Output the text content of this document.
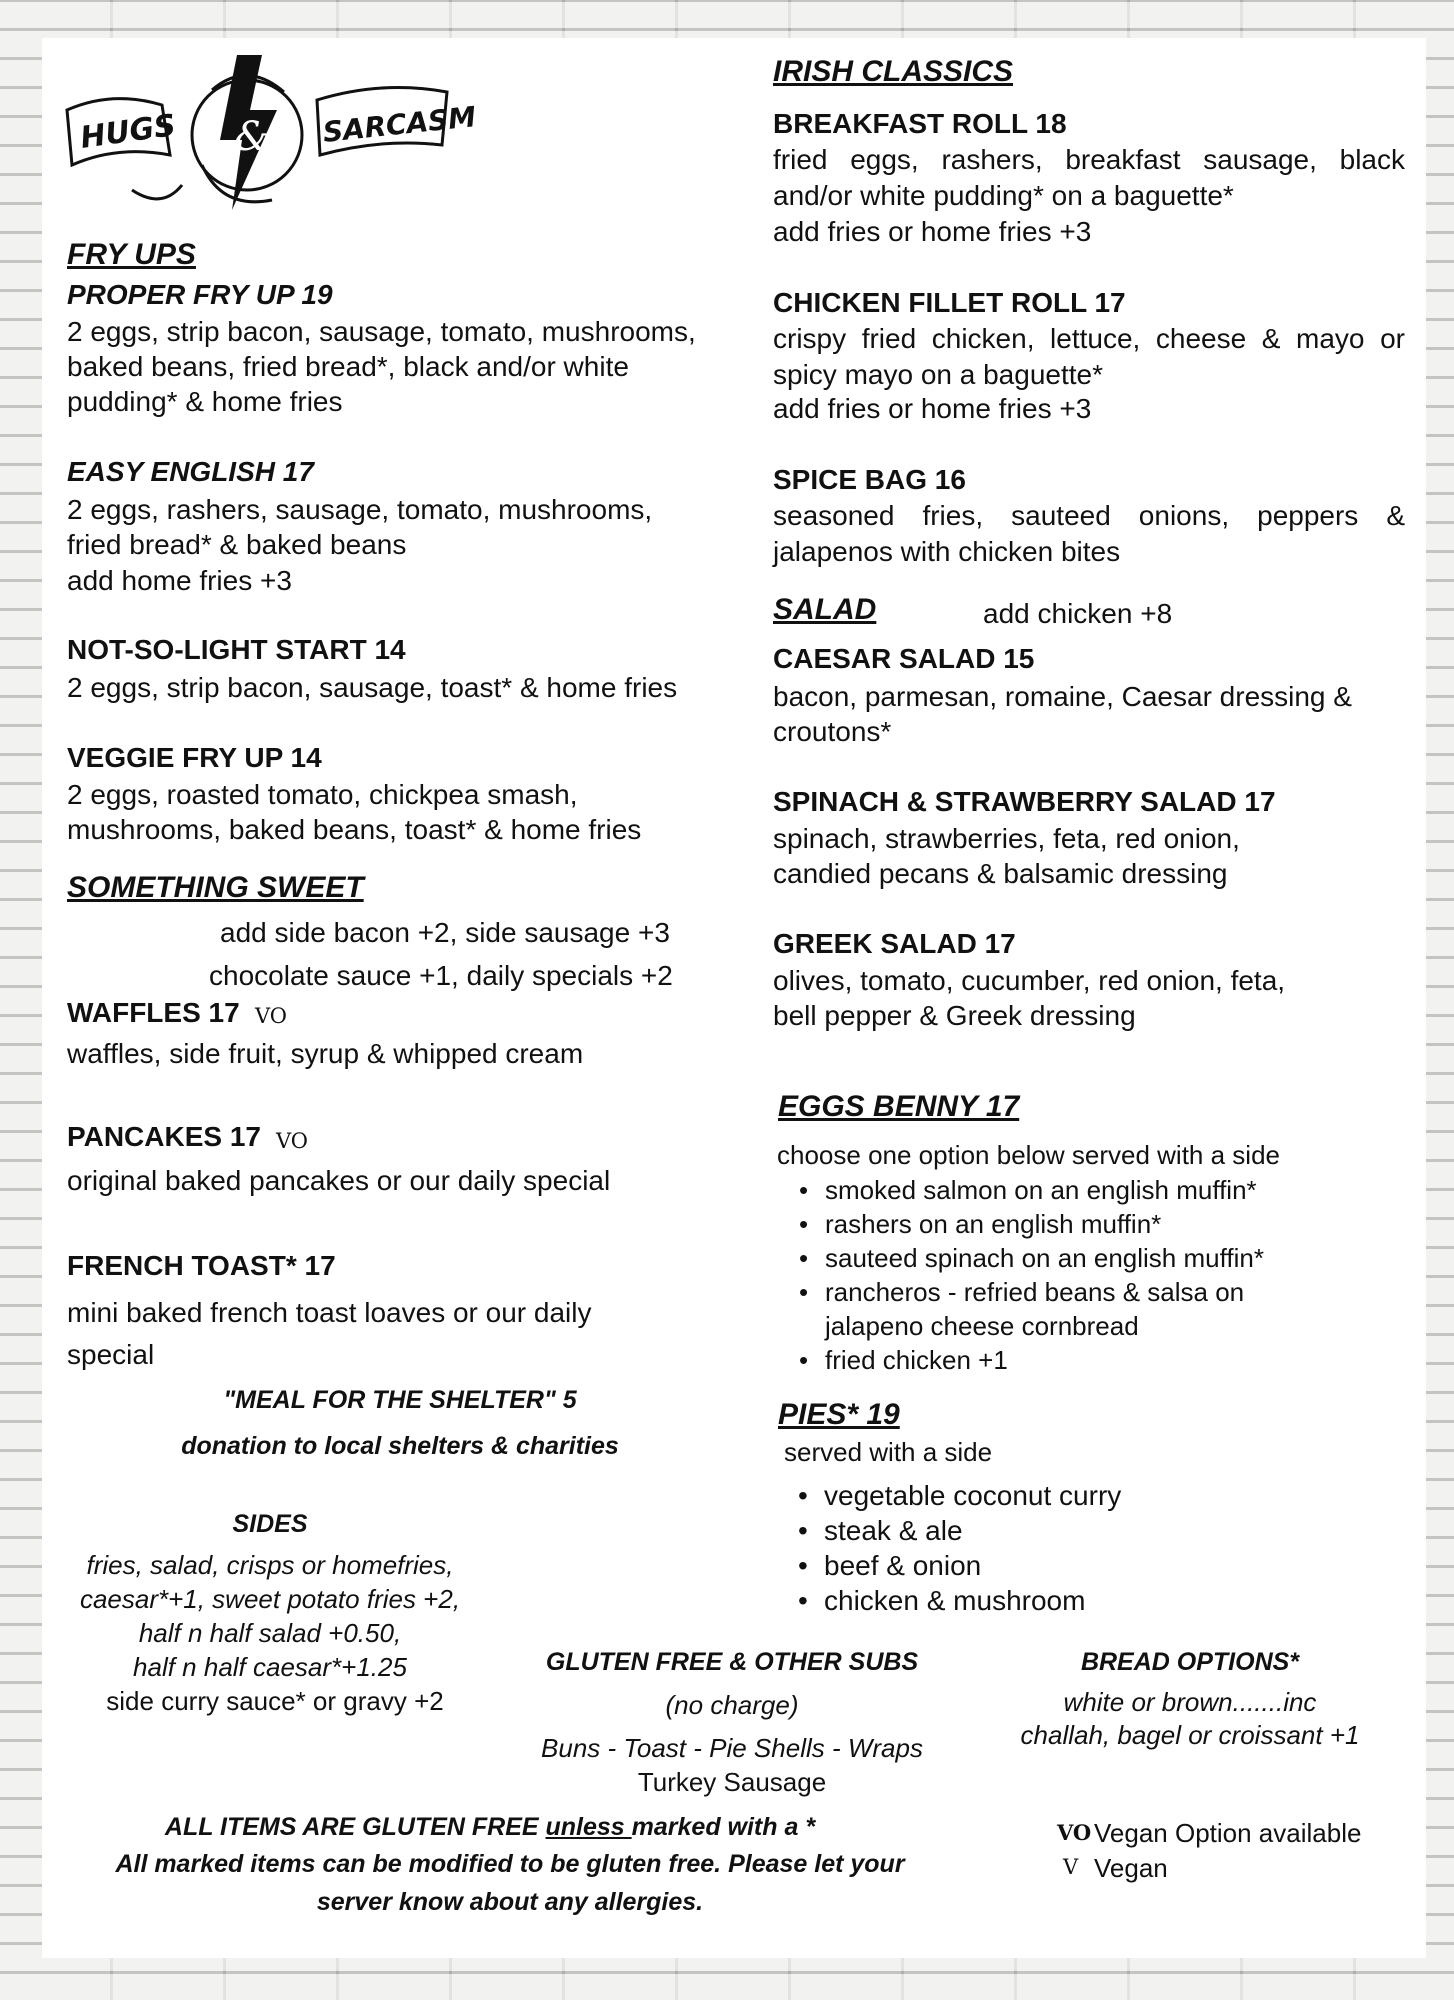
HUGS & SARCASM
FRY UPS
PROPER FRY UP 19
2 eggs, strip bacon, sausage, tomato, mushrooms, baked beans, fried bread*, black and/or white pudding* & home fries
EASY ENGLISH 17
2 eggs, rashers, sausage, tomato, mushrooms, fried bread* & baked beans
add home fries +3
NOT-SO-LIGHT START 14
2 eggs, strip bacon, sausage, toast* & home fries
VEGGIE FRY UP 14
2 eggs, roasted tomato, chickpea smash, mushrooms, baked beans, toast* & home fries
SOMETHING SWEET
add side bacon +2, side sausage +3
chocolate sauce +1, daily specials +2
WAFFLES 17 VO
waffles, side fruit, syrup & whipped cream
PANCAKES 17 VO
original baked pancakes or our daily special
FRENCH TOAST* 17
mini baked french toast loaves or our daily special
"MEAL FOR THE SHELTER" 5
donation to local shelters & charities
SIDES
fries, salad, crisps or homefries,
caesar*+1, sweet potato fries +2,
half n half salad +0.50,
half n half caesar*+1.25
side curry sauce* or gravy +2
IRISH CLASSICS
BREAKFAST ROLL 18
fried eggs, rashers, breakfast sausage, black and/or white pudding* on a baguette*
add fries or home fries +3
CHICKEN FILLET ROLL 17
crispy fried chicken, lettuce, cheese & mayo or spicy mayo on a baguette*
add fries or home fries +3
SPICE BAG 16
seasoned fries, sauteed onions, peppers & jalapenos with chicken bites
SALAD	add chicken +8
CAESAR SALAD 15
bacon, parmesan, romaine, Caesar dressing & croutons*
SPINACH & STRAWBERRY SALAD 17
spinach, strawberries, feta, red onion, candied pecans & balsamic dressing
GREEK SALAD 17
olives, tomato, cucumber, red onion, feta, bell pepper & Greek dressing
EGGS BENNY 17
choose one option below served with a side
• smoked salmon on an english muffin*
• rashers on an english muffin*
• sauteed spinach on an english muffin*
• rancheros - refried beans & salsa on jalapeno cheese cornbread
• fried chicken +1
PIES* 19
served with a side
• vegetable coconut curry
• steak & ale
• beef & onion
• chicken & mushroom
GLUTEN FREE & OTHER SUBS
(no charge)
Buns - Toast - Pie Shells - Wraps
Turkey Sausage
BREAD OPTIONS*
white or brown.......inc
challah, bagel or croissant +1
ALL ITEMS ARE GLUTEN FREE unless marked with a *
All marked items can be modified to be gluten free. Please let your
server know about any allergies.
VO Vegan Option available
V Vegan
